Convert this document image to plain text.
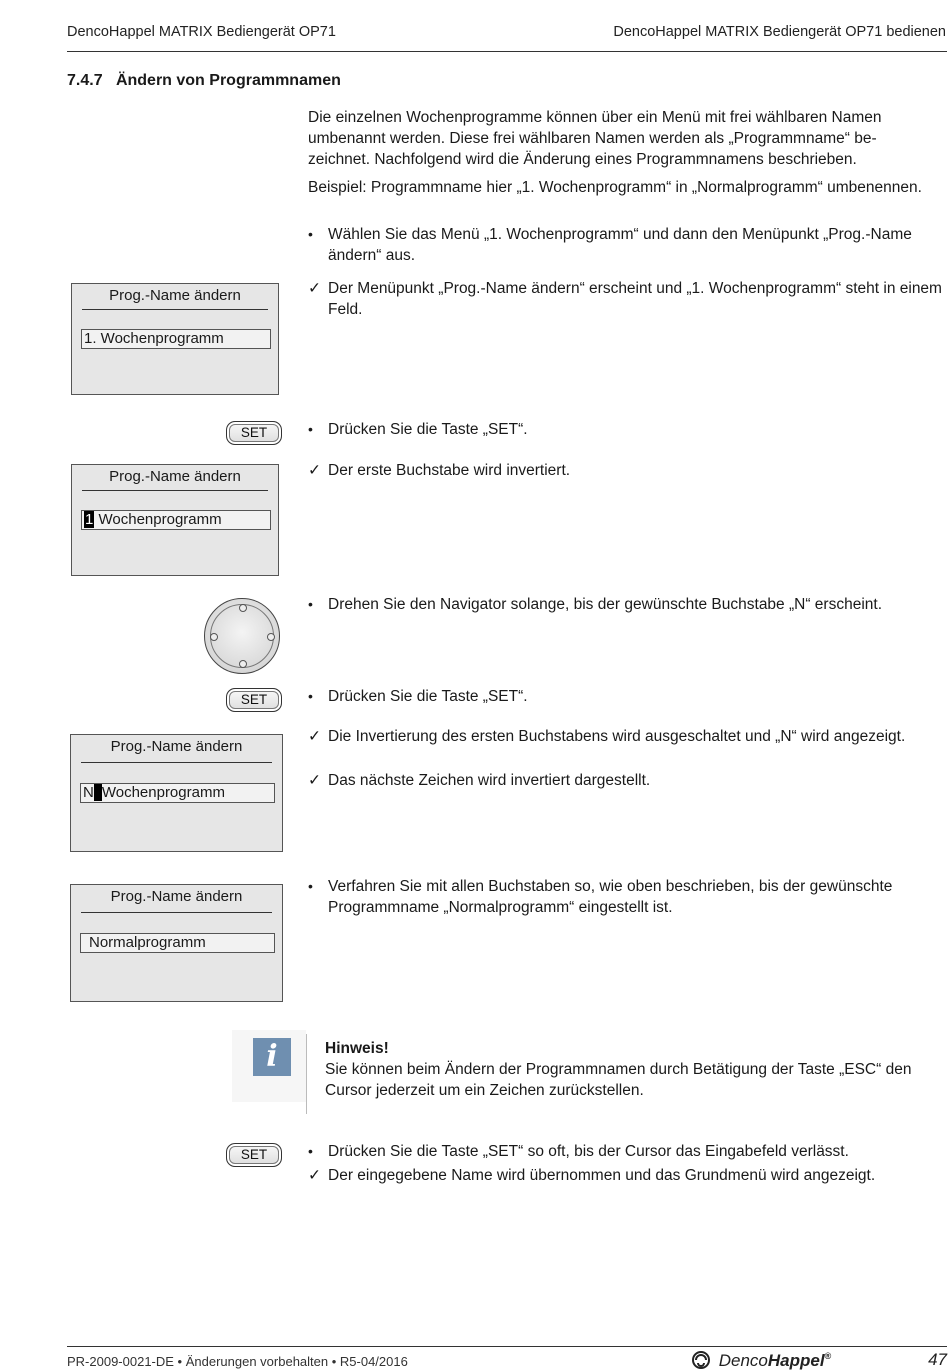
DencoHappel MATRIX Bediengerät OP71	DencoHappel MATRIX Bediengerät OP71 bedienen
7.4.7 Ändern von Programmnamen
Die einzelnen Wochenprogramme können über ein Menü mit frei wählbaren Namen umbenannt werden. Diese frei wählbaren Namen werden als „Programmname“ be-zeichnet. Nachfolgend wird die Änderung eines Programmnamens beschrieben.
Beispiel: Programmname hier „1. Wochenprogramm“ in „Normalprogramm“ umbenennen.
• Wählen Sie das Menü „1. Wochenprogramm“ und dann den Menüpunkt „Prog.-Name ändern“ aus.
✓ Der Menüpunkt „Prog.-Name ändern“ erscheint und „1. Wochenprogramm“ steht in einem Feld.
• Drücken Sie die Taste „SET“.
✓ Der erste Buchstabe wird invertiert.
• Drehen Sie den Navigator solange, bis der gewünschte Buchstabe „N“ erscheint.
• Drücken Sie die Taste „SET“.
✓ Die Invertierung des ersten Buchstabens wird ausgeschaltet und „N“ wird angezeigt.
✓ Das nächste Zeichen wird invertiert dargestellt.
• Verfahren Sie mit allen Buchstaben so, wie oben beschrieben, bis der gewünschte Programmname „Normalprogramm“ eingestellt ist.
• Drücken Sie die Taste „SET“ so oft, bis der Cursor das Eingabefeld verlässt.
✓ Der eingegebene Name wird übernommen und das Grundmenü wird angezeigt.
Prog.-Name ändern
1. Wochenprogramm
SET
Prog.-Name ändern
1 Wochenprogramm
SET
Prog.-Name ändern
N Wochenprogramm
Prog.-Name ändern
Normalprogramm
i	Hinweis!
Sie können beim Ändern der Programmnamen durch Betätigung der Taste „ESC“ den Cursor jederzeit um ein Zeichen zurückstellen.
SET
PR-2009-0021-DE • Änderungen vorbehalten • R5-04/2016	DencoHappel®	47
